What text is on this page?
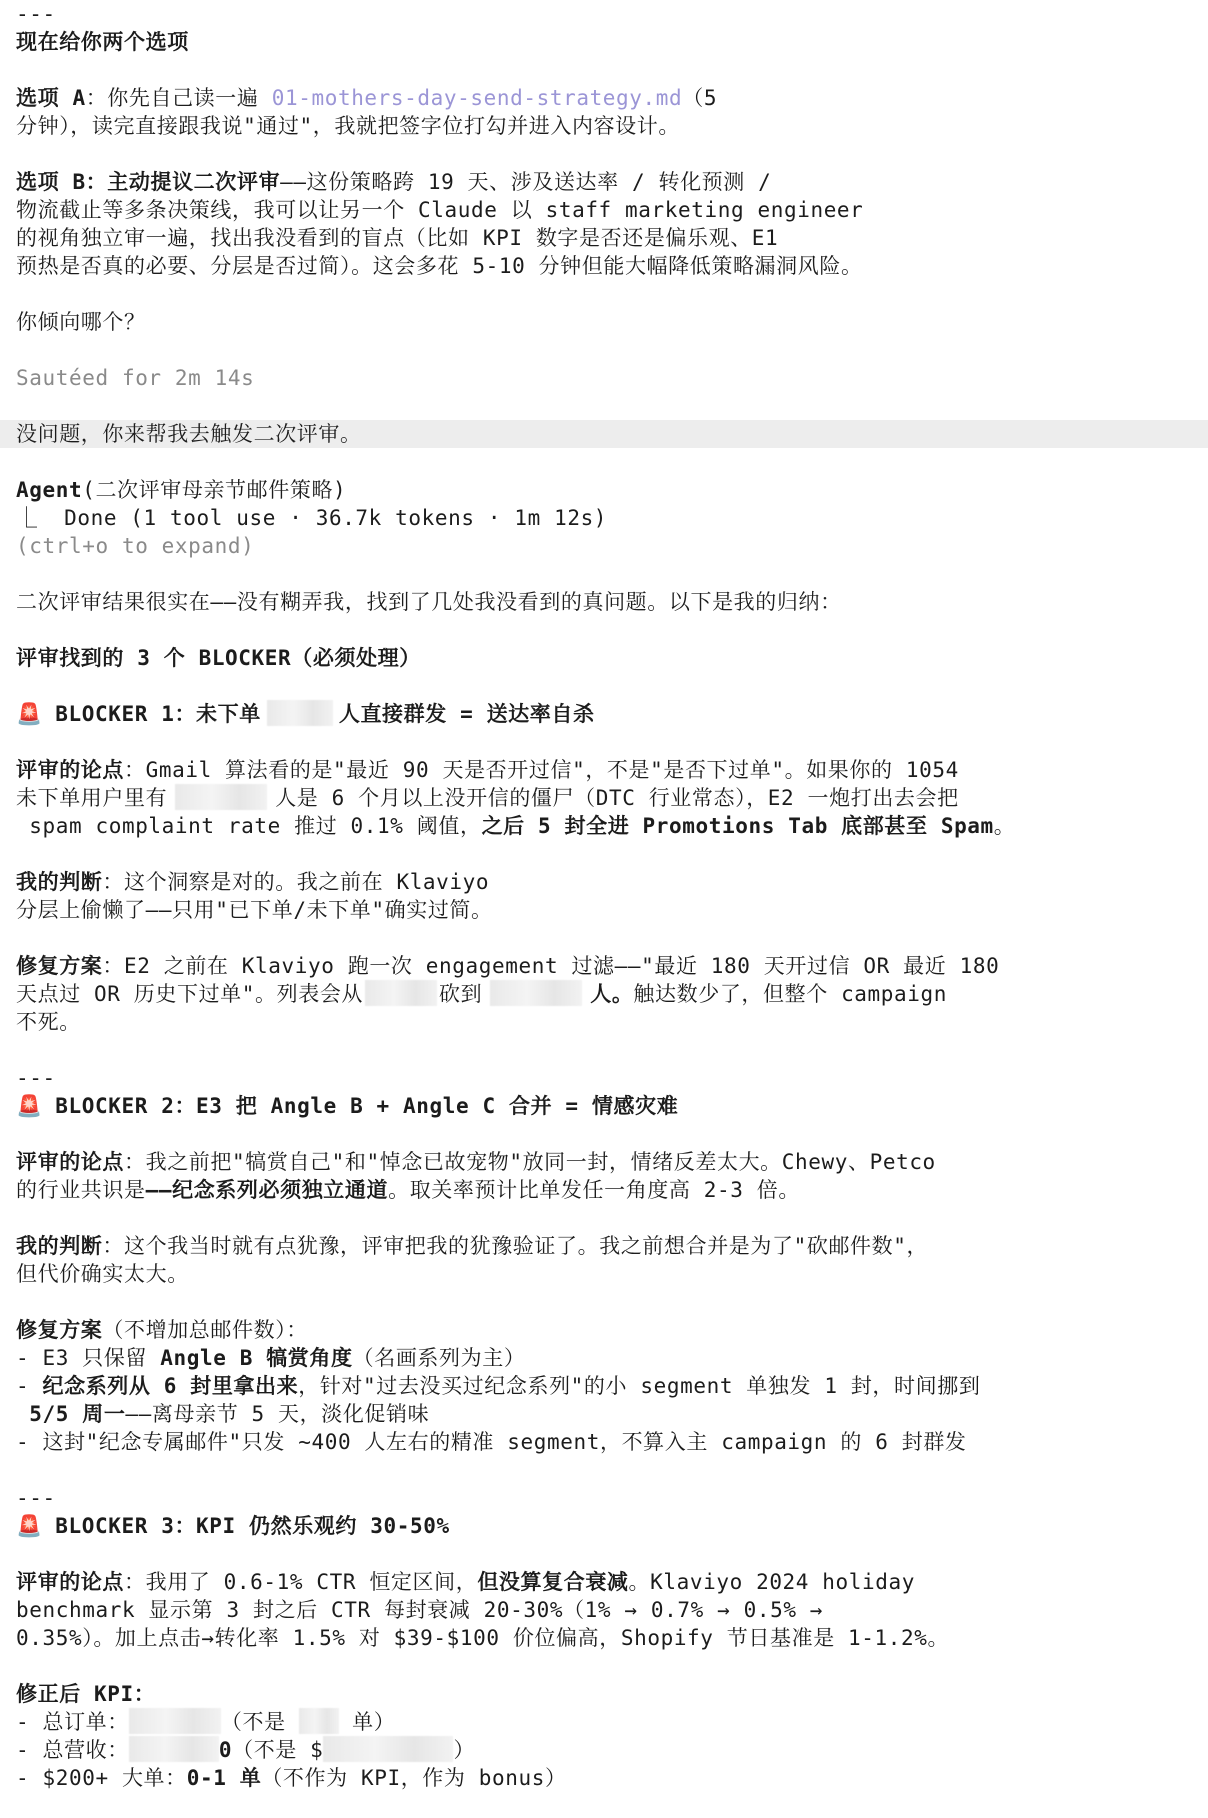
---
现在给你两个选项
选项 A：你先自己读一遍 01-mothers-day-send-strategy.md（5
分钟），读完直接跟我说"通过"，我就把签字位打勾并进入内容设计。
选项 B：主动提议二次评审——这份策略跨 19 天、涉及送达率 / 转化预测 /
物流截止等多条决策线，我可以让另一个 Claude 以 staff marketing engineer
的视角独立审一遍，找出我没看到的盲点（比如 KPI 数字是否还是偏乐观、E1
预热是否真的必要、分层是否过简）。这会多花 5-10 分钟但能大幅降低策略漏洞风险。
你倾向哪个？
Sautéed for 2m 14s
没问题，你来帮我去触发二次评审。
Agent(二次评审母亲节邮件策略)
⎿  Done (1 tool use · 36.7k tokens · 1m 12s)
(ctrl+o to expand)
二次评审结果很实在——没有糊弄我，找到了几处我没看到的真问题。以下是我的归纳：
评审找到的 3 个 BLOCKER（必须处理）
🚨 BLOCKER 1：未下单	人直接群发 = 送达率自杀
评审的论点：Gmail 算法看的是"最近 90 天是否开过信"，不是"是否下过单"。如果你的 1054
未下单用户里有	人是 6 个月以上没开信的僵尸（DTC 行业常态），E2 一炮打出去会把
spam complaint rate 推过 0.1% 阈值，之后 5 封全进 Promotions Tab 底部甚至 Spam。
我的判断：这个洞察是对的。我之前在 Klaviyo
分层上偷懒了——只用"已下单/未下单"确实过简。
修复方案：E2 之前在 Klaviyo 跑一次 engagement 过滤——"最近 180 天开过信 OR 最近 180
天点过 OR 历史下过单"。列表会从	砍到	人。触达数少了，但整个 campaign
不死。
---
🚨 BLOCKER 2：E3 把 Angle B + Angle C 合并 = 情感灾难
评审的论点：我之前把"犒赏自己"和"悼念已故宠物"放同一封，情绪反差太大。Chewy、Petco
的行业共识是——纪念系列必须独立通道。取关率预计比单发任一角度高 2-3 倍。
我的判断：这个我当时就有点犹豫，评审把我的犹豫验证了。我之前想合并是为了"砍邮件数"，
但代价确实太大。
修复方案（不增加总邮件数）：
- E3 只保留 Angle B 犒赏角度（名画系列为主）
- 纪念系列从 6 封里拿出来，针对"过去没买过纪念系列"的小 segment 单独发 1 封，时间挪到
5/5 周一——离母亲节 5 天，淡化促销味
- 这封"纪念专属邮件"只发 ~400 人左右的精准 segment，不算入主 campaign 的 6 封群发
---
🚨 BLOCKER 3：KPI 仍然乐观约 30-50%
评审的论点：我用了 0.6-1% CTR 恒定区间，但没算复合衰减。Klaviyo 2024 holiday
benchmark 显示第 3 封之后 CTR 每封衰减 20-30%（1% → 0.7% → 0.5% →
0.35%）。加上点击→转化率 1.5% 对 $39-$100 价位偏高，Shopify 节日基准是 1-1.2%。
修正后 KPI：
- 总订单：	（不是  单）
- 总营收：	0（不是 $	）
- $200+ 大单：0-1 单（不作为 KPI，作为 bonus）
